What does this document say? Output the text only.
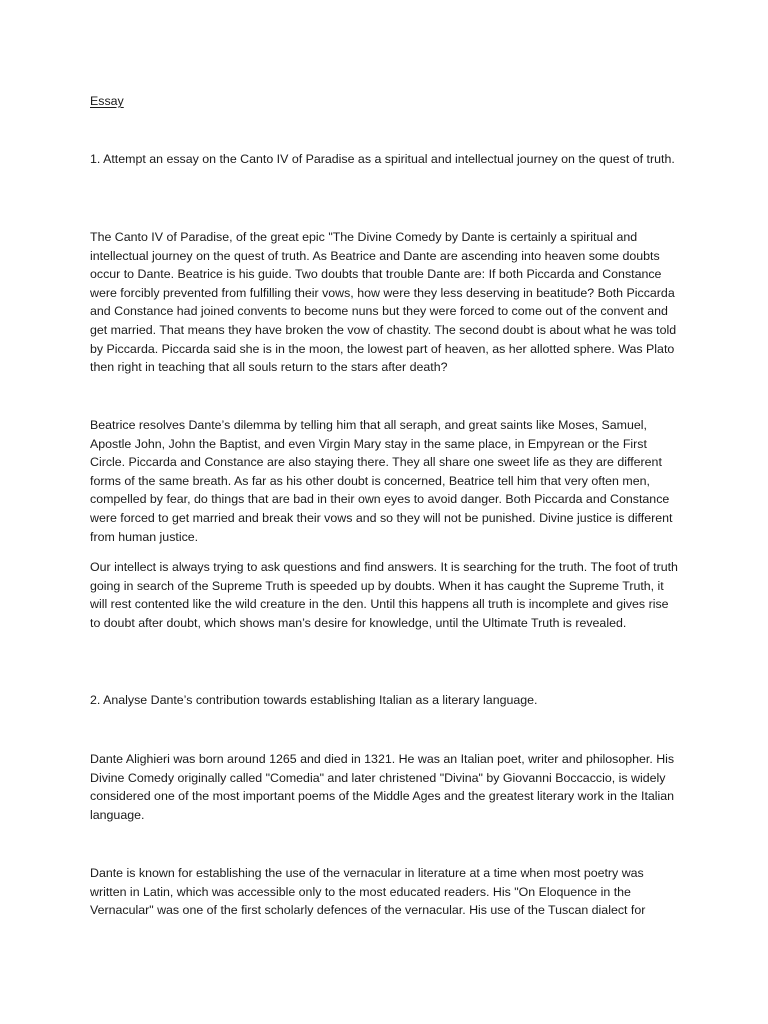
Essay

1. Attempt an essay on the Canto IV of Paradise as a spiritual and intellectual journey on the quest of truth.

The Canto IV of Paradise, of the great epic "The Divine Comedy by Dante is certainly a spiritual and intellectual journey on the quest of truth. As Beatrice and Dante are ascending into heaven some doubts occur to Dante. Beatrice is his guide. Two doubts that trouble Dante are: If both Piccarda and Constance were forcibly prevented from fulfilling their vows, how were they less deserving in beatitude? Both Piccarda and Constance had joined convents to become nuns but they were forced to come out of the convent and get married. That means they have broken the vow of chastity. The second doubt is about what he was told by Piccarda. Piccarda said she is in the moon, the lowest part of heaven, as her allotted sphere. Was Plato then right in teaching that all souls return to the stars after death?

Beatrice resolves Dante’s dilemma by telling him that all seraph, and great saints like Moses, Samuel, Apostle John, John the Baptist, and even Virgin Mary stay in the same place, in Empyrean or the First Circle. Piccarda and Constance are also staying there. They all share one sweet life as they are different forms of the same breath. As far as his other doubt is concerned, Beatrice tell him that very often men, compelled by fear, do things that are bad in their own eyes to avoid danger. Both Piccarda and Constance were forced to get married and break their vows and so they will not be punished. Divine justice is different from human justice.

Our intellect is always trying to ask questions and find answers. It is searching for the truth. The foot of truth going in search of the Supreme Truth is speeded up by doubts. When it has caught the Supreme Truth, it will rest contented like the wild creature in the den. Until this happens all truth is incomplete and gives rise to doubt after doubt, which shows man’s desire for knowledge, until the Ultimate Truth is revealed.

2. Analyse Dante’s contribution towards establishing Italian as a literary language.

Dante Alighieri was born around 1265 and died in 1321. He was an Italian poet, writer and philosopher. His Divine Comedy originally called "Comedia" and later christened "Divina" by Giovanni Boccaccio, is widely considered one of the most important poems of the Middle Ages and the greatest literary work in the Italian language.

Dante is known for establishing the use of the vernacular in literature at a time when most poetry was written in Latin, which was accessible only to the most educated readers. His "On Eloquence in the Vernacular" was one of the first scholarly defences of the vernacular. His use of the Tuscan dialect for
